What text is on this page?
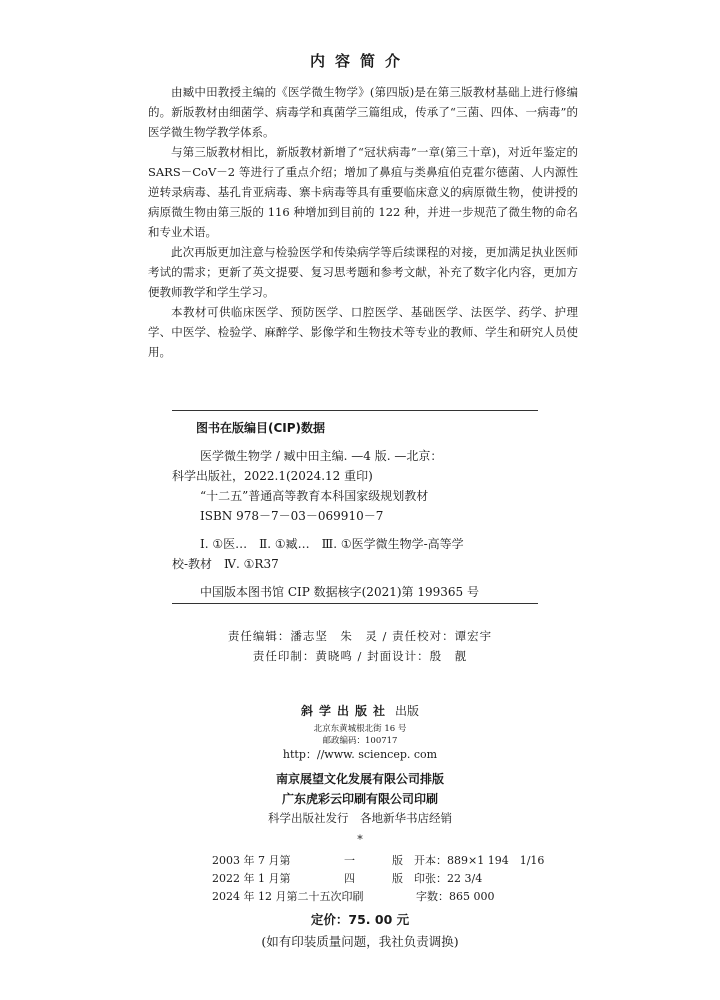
内容简介

由臧中田教授主编的《医学微生物学》(第四版)是在第三版教材基础上进行修编的。新版教材由细菌学、病毒学和真菌学三篇组成，传承了“三菌、四体、一病毒”的医学微生物学教学体系。

与第三版教材相比，新版教材新增了“冠状病毒”一章(第三十章)，对近年鉴定的 SARS－CoV－2 等进行了重点介绍；增加了鼻疽与类鼻疽伯克霍尔德菌、人内源性逆转录病毒、基孔肯亚病毒、寨卡病毒等具有重要临床意义的病原微生物，使讲授的病原微生物由第三版的 116 种增加到目前的 122 种，并进一步规范了微生物的命名和专业术语。

此次再版更加注意与检验医学和传染病学等后续课程的对接，更加满足执业医师考试的需求；更新了英文提要、复习思考题和参考文献，补充了数字化内容，更加方便教师教学和学生学习。

本教材可供临床医学、预防医学、口腔医学、基础医学、法医学、药学、护理学、中医学、检验学、麻醉学、影像学和生物技术等专业的教师、学生和研究人员使用。

图书在版编目(CIP)数据
医学微生物学 / 臧中田主编. —4 版. —北京：
科学出版社，2022.1(2024.12 重印)
“十二五”普通高等教育本科国家级规划教材
ISBN 978－7－03－069910－7
Ⅰ. ①医…　Ⅱ. ①臧…　Ⅲ. ①医学微生物学-高等学
校-教材　Ⅳ. ①R37
中国版本图书馆 CIP 数据核字(2021)第 199365 号
责任编辑：潘志坚　朱　灵 / 责任校对：谭宏宇
责任印制：黄晓鸣 / 封面设计：殷　靓
斜学出版社 出版
北京东黄城根北街 16 号
邮政编码：100717
http：//www. sciencep. com
南京展望文化发展有限公司排版
广东虎彩云印刷有限公司印刷
科学出版社发行　各地新华书店经销
*
2003 年 7 月第	一	版　开本：889×1 194　1/16
2022 年 1 月第	四	版　印张：22 3/4
2024 年 12 月第二十五次印刷	字数：865 000
定价：75. 00 元
(如有印装质量问题，我社负责调换)
